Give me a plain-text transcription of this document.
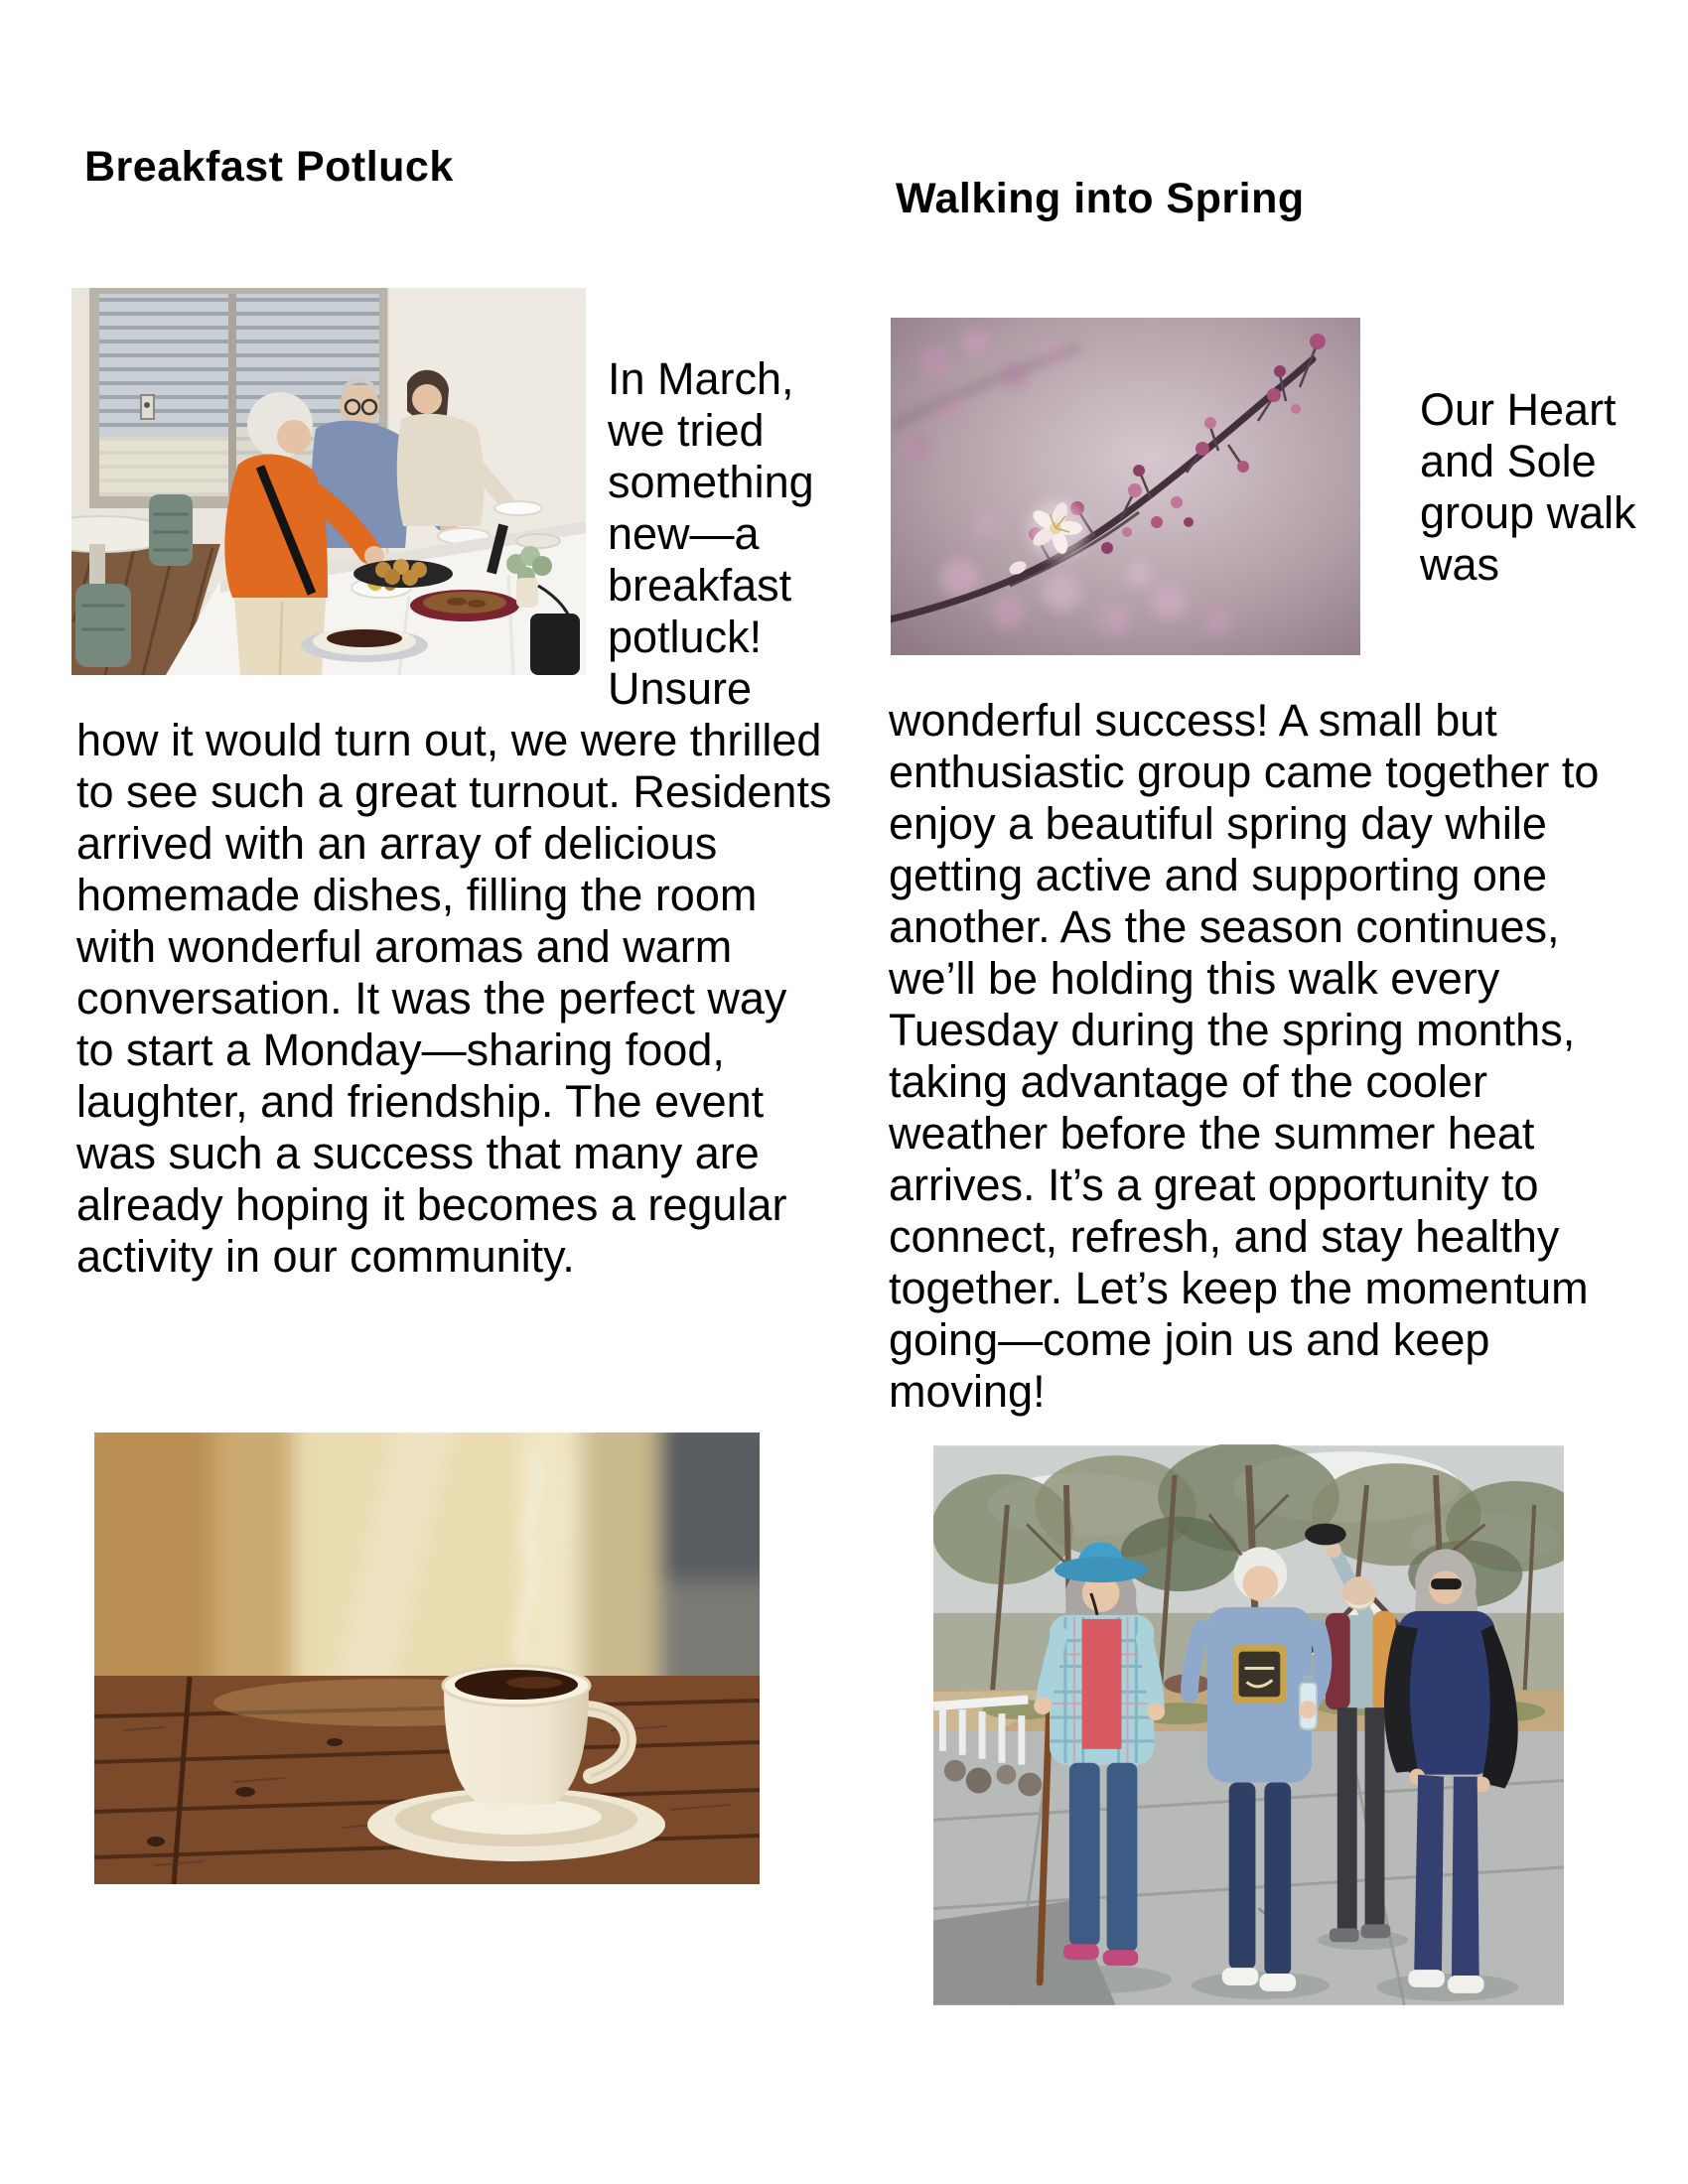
Breakfast Potluck

In March, we tried something new—a breakfast potluck! Unsure

how it would turn out, we were thrilled to see such a great turnout. Residents arrived with an array of delicious homemade dishes, filling the room with wonderful aromas and warm conversation. It was the perfect way to start a Monday—sharing food, laughter, and friendship. The event was such a success that many are already hoping it becomes a regular activity in our community.

Walking into Spring

Our Heart and Sole group walk was

wonderful success! A small but enthusiastic group came together to enjoy a beautiful spring day while getting active and supporting one another. As the season continues, we’ll be holding this walk every Tuesday during the spring months, taking advantage of the cooler weather before the summer heat arrives. It’s a great opportunity to connect, refresh, and stay healthy together. Let’s keep the momentum going—come join us and keep moving!
